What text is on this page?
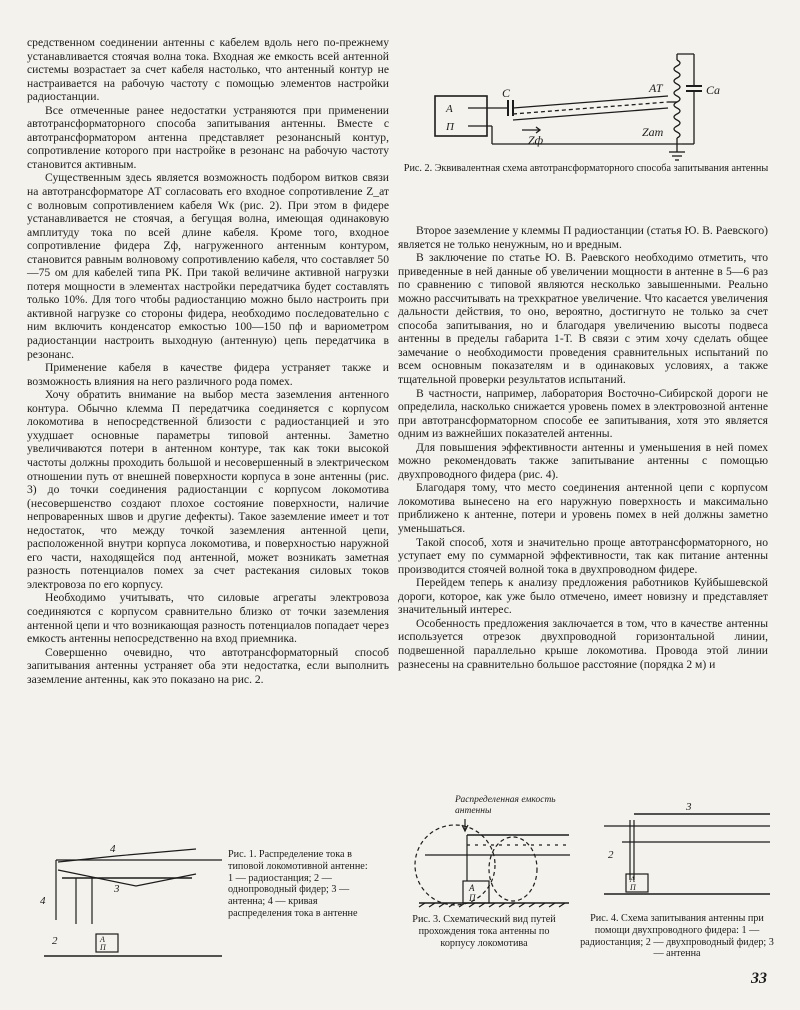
средственном соединении антенны с кабелем вдоль него по-прежнему устанавливается стоячая волна тока. Входная же емкость всей антенной системы возрастает за счет кабеля настолько, что антенный контур не настраивается на рабочую частоту с помощью элементов настройки радиостанции.

Все отмеченные ранее недостатки устраняются при применении автотрансформаторного способа запитывания антенны. Вместе с автотрансформатором антенна представляет резонансный контур, сопротивление которого при настройке в резонанс на рабочую частоту становится активным.

Существенным здесь является возможность подбором витков связи на автотрансформаторе АТ согласовать его входное сопротивление Z_ат с волновым сопротивлением кабеля Wк (рис. 2). При этом в фидере устанавливается не стоячая, а бегущая волна, имеющая одинаковую амплитуду тока по всей длине кабеля. Кроме того, входное сопротивление фидера Zф, нагруженного антенным контуром, становится равным волновому сопротивлению кабеля, что составляет 50—75 ом для кабелей типа РК. При такой величине активной нагрузки потеря мощности в элементах настройки передатчика будет составлять только 10%. Для того чтобы радиостанцию можно было настроить при активной нагрузке со стороны фидера, необходимо последовательно с ним включить конденсатор емкостью 100—150 пф и вариометром радиостанции настроить выходную (антенную) цепь передатчика в резонанс.

Применение кабеля в качестве фидера устраняет также и возможность влияния на него различного рода помех.

Хочу обратить внимание на выбор места заземления антенного контура. Обычно клемма П передатчика соединяется с корпусом локомотива в непосредственной близости с радиостанцией и это ухудшает основные параметры типовой антенны. Заметно увеличиваются потери в антенном контуре, так как токи высокой частоты должны проходить большой и несовершенный в электрическом отношении путь от внешней поверхности корпуса в зоне антенны (рис. 3) до точки соединения радиостанции с корпусом локомотива (несовершенство создают плохое состояние поверхности, наличие непроваренных швов и другие дефекты). Такое заземление имеет и тот недостаток, что между точкой заземления антенной цепи, расположенной внутри корпуса локомотива, и поверхностью наружной его части, находящейся под антенной, может возникать заметная разность потенциалов помех за счет растекания силовых токов электровоза по его корпусу.

Необходимо учитывать, что силовые агрегаты электровоза соединяются с корпусом сравнительно близко от точки заземления антенной цепи и что возникающая разность потенциалов попадает через емкость антенны непосредственно на вход приемника.

Совершенно очевидно, что автотрансформаторный способ запитывания антенны устраняет оба эти недостатка, если выполнить заземление антенны, как это показано на рис. 2.

Второе заземление у клеммы П радиостанции (статья Ю. В. Раевского) является не только ненужным, но и вредным.

В заключение по статье Ю. В. Раевского необходимо отметить, что приведенные в ней данные об увеличении мощности в антенне в 5—6 раз по сравнению с типовой являются несколько завышенными. Реально можно рассчитывать на трехкратное увеличение. Что касается увеличения дальности действия, то оно, вероятно, достигнуто не только за счет способа запитывания, но и благодаря увеличению высоты подвеса антенны в пределы габарита 1-Т. В связи с этим хочу сделать общее замечание о необходимости проведения сравнительных испытаний по всем основным показателям и в одинаковых условиях, а также тщательной проверки результатов испытаний.

В частности, например, лаборатория Восточно-Сибирской дороги не определила, насколько снижается уровень помех в электровозной антенне при автотрансформаторном способе ее запитывания, хотя это является одним из важнейших показателей антенны.

Для повышения эффективности антенны и уменьшения в ней помех можно рекомендовать также запитывание антенны с помощью двухпроводного фидера (рис. 4).

Благодаря тому, что место соединения антенной цепи с корпусом локомотива вынесено на его наружную поверхность и максимально приближено к антенне, потери и уровень помех в ней должны заметно уменьшаться.

Такой способ, хотя и значительно проще автотрансформаторного, но уступает ему по суммарной эффективности, так как питание антенны производится стоячей волной тока в двухпроводном фидере.

Перейдем теперь к анализу предложения работников Куйбышевской дороги, которое, как уже было отмечено, имеет новизну и представляет значительный интерес.

Особенность предложения заключается в том, что в качестве антенны используется отрезок двухпроводной горизонтальной линии, подвешенной параллельно крыше локомотива. Провода этой линии разнесены на сравнительно большое расстояние (порядка 2 м) и

А
П
С
Zф
АТ	Cа
Zат
Рис. 2. Эквивалентная схема автотрансформаторного способа запитывания антенны
4
3
4
2	А
П
Рис. 1. Распределение тока в типовой локомотивной антенне: 1 — радиостанция; 2 — однопроводный фидер; 3 — антенна; 4 — кривая распределения тока в антенне
А
П
Распределенная емкость антенны
Рис. 3. Схематический вид путей прохождения тока антенны по корпусу локомотива
3
2
А
П
Рис. 4. Схема запитывания антенны при помощи двухпроводного фидера: 1 — радиостанция; 2 — двухпроводный фидер; 3 — антенна
33
